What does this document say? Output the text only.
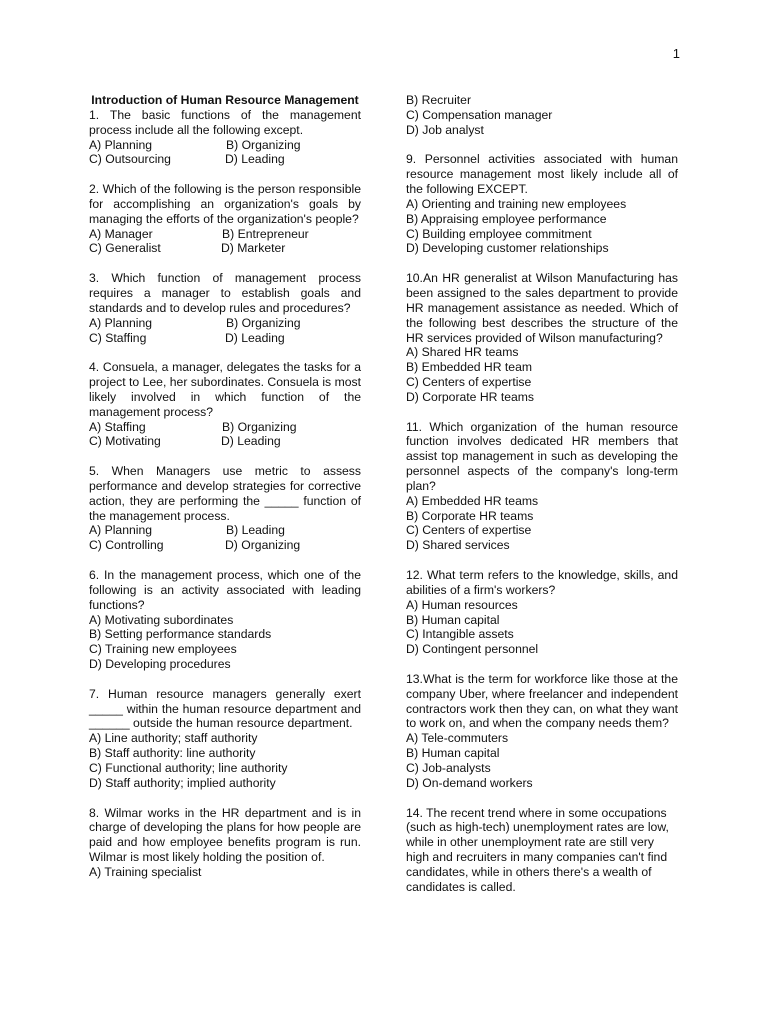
1
Introduction of Human Resource Management
1. The basic functions of the management process include all the following except.
A) Planning	B) Organizing
C) Outsourcing	D) Leading
2. Which of the following is the person responsible for accomplishing an organization's goals by managing the efforts of the organization's people?
A) Manager	B) Entrepreneur
C) Generalist	D) Marketer
3. Which function of management process requires a manager to establish goals and standards and to develop rules and procedures?
A) Planning	B) Organizing
C) Staffing	D) Leading
4. Consuela, a manager, delegates the tasks for a project to Lee, her subordinates. Consuela is most likely involved in which function of the management process?
A) Staffing	B) Organizing
C) Motivating	D) Leading
5. When Managers use metric to assess performance and develop strategies for corrective action, they are performing the _____ function of the management process.
A) Planning	B) Leading
C) Controlling	D) Organizing
6. In the management process, which one of the following is an activity associated with leading functions?
A) Motivating subordinates
B) Setting performance standards
C) Training new employees
D) Developing procedures
7. Human resource managers generally exert _____ within the human resource department and ______ outside the human resource department.
A) Line authority; staff authority
B) Staff authority: line authority
C) Functional authority; line authority
D) Staff authority; implied authority
8. Wilmar works in the HR department and is in charge of developing the plans for how people are paid and how employee benefits program is run. Wilmar is most likely holding the position of.
A) Training specialist
B) Recruiter
C) Compensation manager
D) Job analyst
9. Personnel activities associated with human resource management most likely include all of the following EXCEPT.
A) Orienting and training new employees
B) Appraising employee performance
C) Building employee commitment
D) Developing customer relationships
10.An HR generalist at Wilson Manufacturing has been assigned to the sales department to provide HR management assistance as needed. Which of the following best describes the structure of the HR services provided of Wilson manufacturing?
A) Shared HR teams
B) Embedded HR team
C) Centers of expertise
D) Corporate HR teams
11. Which organization of the human resource function involves dedicated HR members that assist top management in such as developing the personnel aspects of the company's long-term plan?
A) Embedded HR teams
B) Corporate HR teams
C) Centers of expertise
D) Shared services
12. What term refers to the knowledge, skills, and abilities of a firm's workers?
A) Human resources
B) Human capital
C) Intangible assets
D) Contingent personnel
13.What is the term for workforce like those at the company Uber, where freelancer and independent contractors work then they can, on what they want to work on, and when the company needs them?
A) Tele-commuters
B) Human capital
C) Job-analysts
D) On-demand workers
14. The recent trend where in some occupations (such as high-tech) unemployment rates are low, while in other unemployment rate are still very high and recruiters in many companies can't find candidates, while in others there's a wealth of candidates is called.
